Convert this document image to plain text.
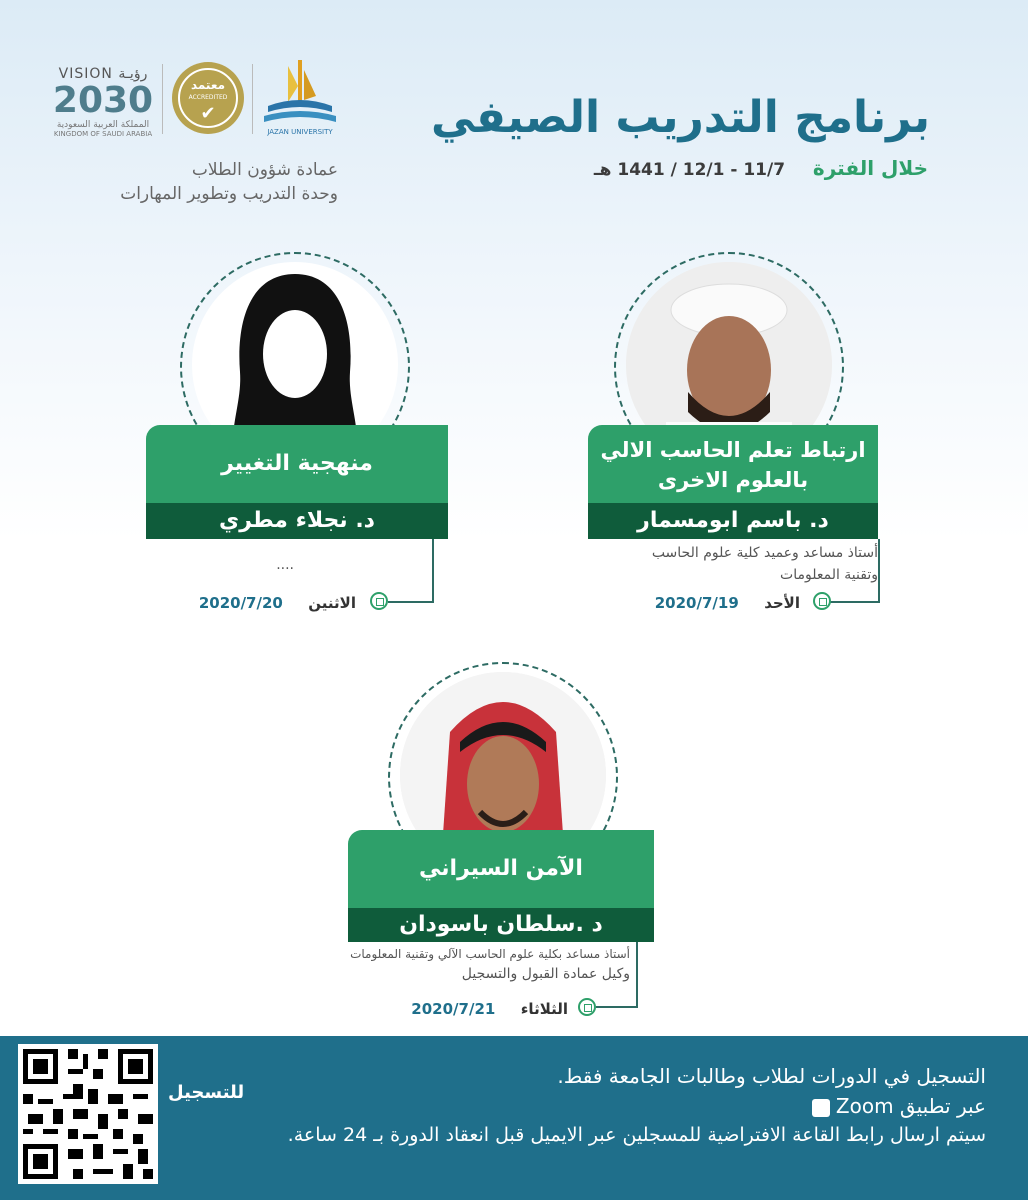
VISION رؤيـة
2030
المملكة العربية السعودية
KINGDOM OF SAUDI ARABIA
معتمد
ACCREDITED
✔
JAZAN UNIVERSITY
عمادة شؤون الطلاب
وحدة التدريب وتطوير المهارات
برنامج التدريب الصيفي
خلال الفترة    11/7 - 12/1 / 1441 هـ
ارتباط تعلم الحاسب الالي بالعلوم الاخرى
د. باسم ابومسمار
أستاذ مساعد وعميد كلية علوم الحاسب
وتقنية المعلومات
الأحد     2020/7/19
منهجية التغيير
د. نجلاء مطري
....
الاثنين     2020/7/20
الآمن السيراني
د .سلطان باسودان
أستاذ مساعد بكلية علوم الحاسب الآلي وتقنية المعلومات
وكيل عمادة القبول والتسجيل
الثلاثاء     2020/7/21
للتسجيل
التسجيل في الدورات لطلاب وطالبات الجامعة فقط.
عبر تطبيق Zoom
سيتم ارسال رابط القاعة الافتراضية للمسجلين عبر الايميل قبل انعقاد الدورة بـ 24 ساعة.
